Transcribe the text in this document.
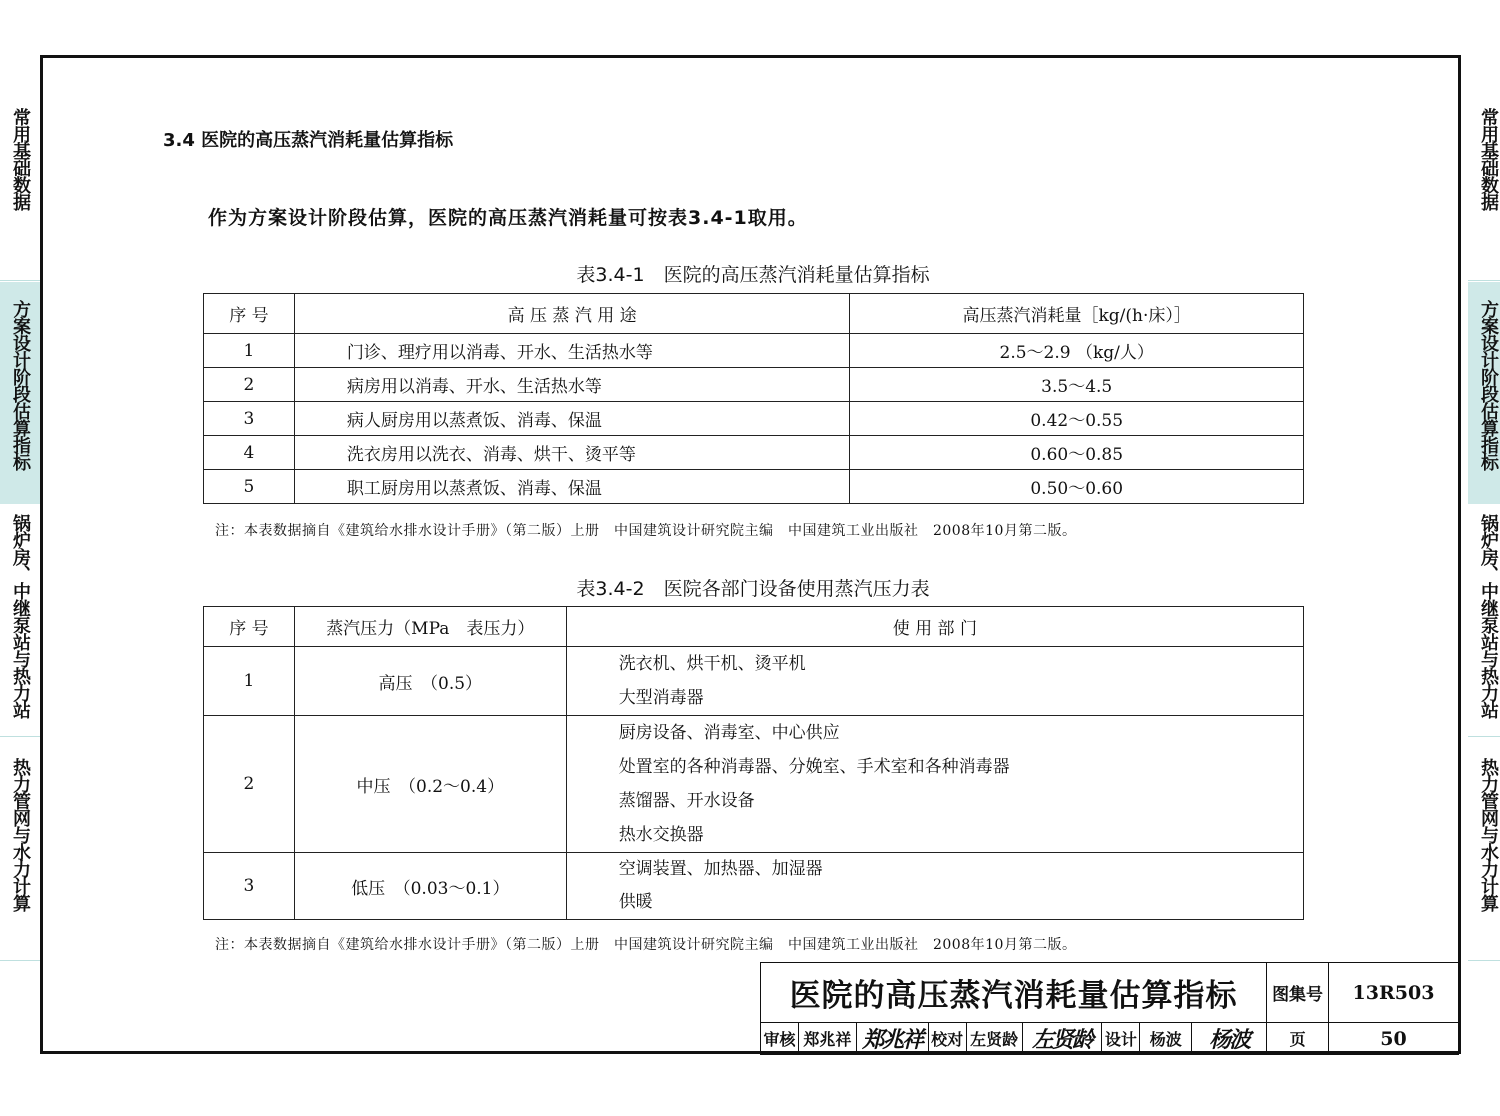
常用基础数据
方案设计阶段估算指标
锅炉房、中继泵站与热力站
热力管网与水力计算
常用基础数据
方案设计阶段估算指标
锅炉房、中继泵站与热力站
热力管网与水力计算
3.4 医院的高压蒸汽消耗量估算指标
作为方案设计阶段估算，医院的高压蒸汽消耗量可按表3.4-1取用。
表3.4-1　医院的高压蒸汽消耗量估算指标
序 号	高 压 蒸 汽 用 途	高压蒸汽消耗量［kg/(h·床）］
1	门诊、理疗用以消毒、开水、生活热水等	2.5～2.9 （kg/人）
2	病房用以消毒、开水、生活热水等	3.5～4.5
3	病人厨房用以蒸煮饭、消毒、保温	0.42～0.55
4	洗衣房用以洗衣、消毒、烘干、烫平等	0.60～0.85
5	职工厨房用以蒸煮饭、消毒、保温	0.50～0.60
注：本表数据摘自《建筑给水排水设计手册》（第二版）上册　中国建筑设计研究院主编　中国建筑工业出版社　2008年10月第二版。
表3.4-2　医院各部门设备使用蒸汽压力表
序 号	蒸汽压力（MPa　表压力）	使 用 部 门
1	高压　（0.5）	洗衣机、烘干机、烫平机
大型消毒器

2	中压　（0.2～0.4）	厨房设备、消毒室、中心供应
处置室的各种消毒器、分娩室、手术室和各种消毒器
蒸馏器、开水设备
热水交换器

3	低压　（0.03～0.1）	空调装置、加热器、加湿器
供暖
注：本表数据摘自《建筑给水排水设计手册》（第二版）上册　中国建筑设计研究院主编　中国建筑工业出版社　2008年10月第二版。
医院的高压蒸汽消耗量估算指标									图集号	13R503
审核	郑兆祥	郑兆祥	校对	左贤龄	左贤龄	设计	杨波	杨波	页	50
